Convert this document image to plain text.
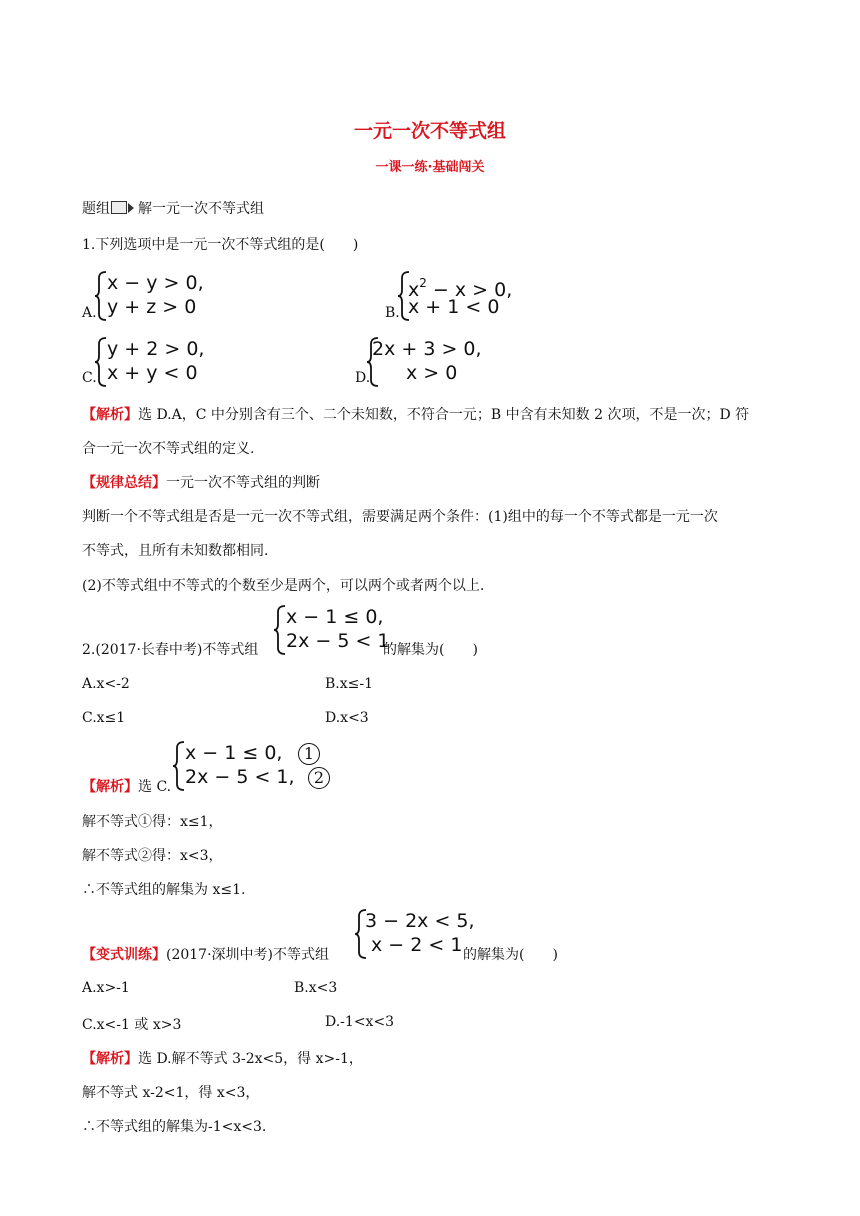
一元一次不等式组
一课一练·基础闯关
题组 解一元一次不等式组
1.下列选项中是一元一次不等式组的是(　　)
A.
x − y > 0,
y + z > 0	B.
$x^2 - x > 0$,
x + 1 < 0
C.
y + 2 > 0,
x + y < 0	D.
2x + 3 > 0,
x > 0
【解析】选 D.A，C 中分别含有三个、二个未知数，不符合一元；B 中含有未知数 2 次项，不是一次；D 符
合一元一次不等式组的定义.
【规律总结】一元一次不等式组的判断
判断一个不等式组是否是一元一次不等式组，需要满足两个条件：(1)组中的每一个不等式都是一元一次
不等式，且所有未知数都相同.
(2)不等式组中不等式的个数至少是两个，可以两个或者两个以上.
2.(2017·长春中考)不等式组
x − 1 ≤ 0,
2x − 5 < 1
的解集为(　　)
A.x<-2	B.x≤-1
C.x≤1	D.x<3
【解析】选 C.
x − 1 ≤ 0,
2x − 5 < 1,
1
2
解不等式①得：x≤1，
解不等式②得：x<3，
∴不等式组的解集为 x≤1.
【变式训练】(2017·深圳中考)不等式组
3 − 2x < 5,
x − 2 < 1 的解集为(　　)
A.x>-1	B.x<3
C.x<-1 或 x>3	D.-1<x<3
【解析】选 D.解不等式 3-2x<5，得 x>-1，
解不等式 x-2<1，得 x<3，
∴不等式组的解集为-1<x<3.
